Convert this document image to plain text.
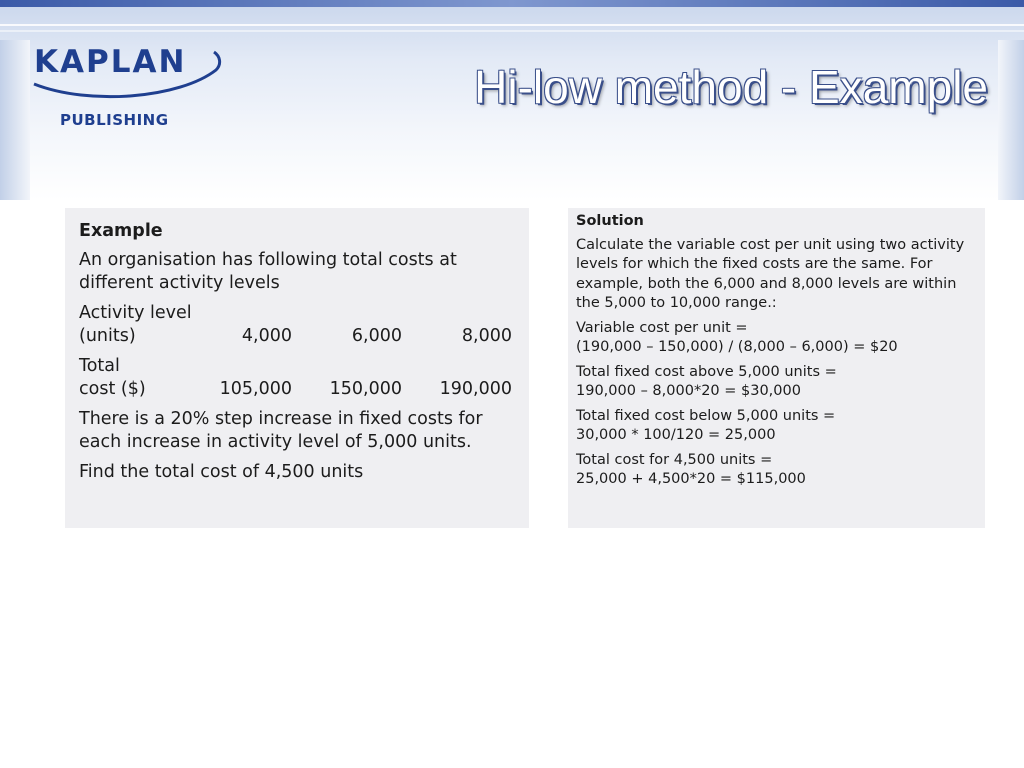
KAPLAN
PUBLISHING
Hi-low method - Example
Example
An organisation has following total costs at different activity levels
Activity level
(units)	4,000	6,000	8,000
Total
cost ($)	105,000	150,000	190,000
There is a 20% step increase in fixed costs for each increase in activity level of 5,000 units.
Find the total cost of 4,500 units
Solution
Calculate the variable cost per unit using two activity levels for which the fixed costs are the same. For example, both the 6,000 and 8,000 levels are within the 5,000 to 10,000 range.:
Variable cost per unit =
(190,000 – 150,000) / (8,000 – 6,000) = $20
Total fixed cost above 5,000 units =
190,000 – 8,000*20 = $30,000
Total fixed cost below 5,000 units =
30,000 * 100/120 = 25,000
Total cost for 4,500 units =
25,000 + 4,500*20 = $115,000
